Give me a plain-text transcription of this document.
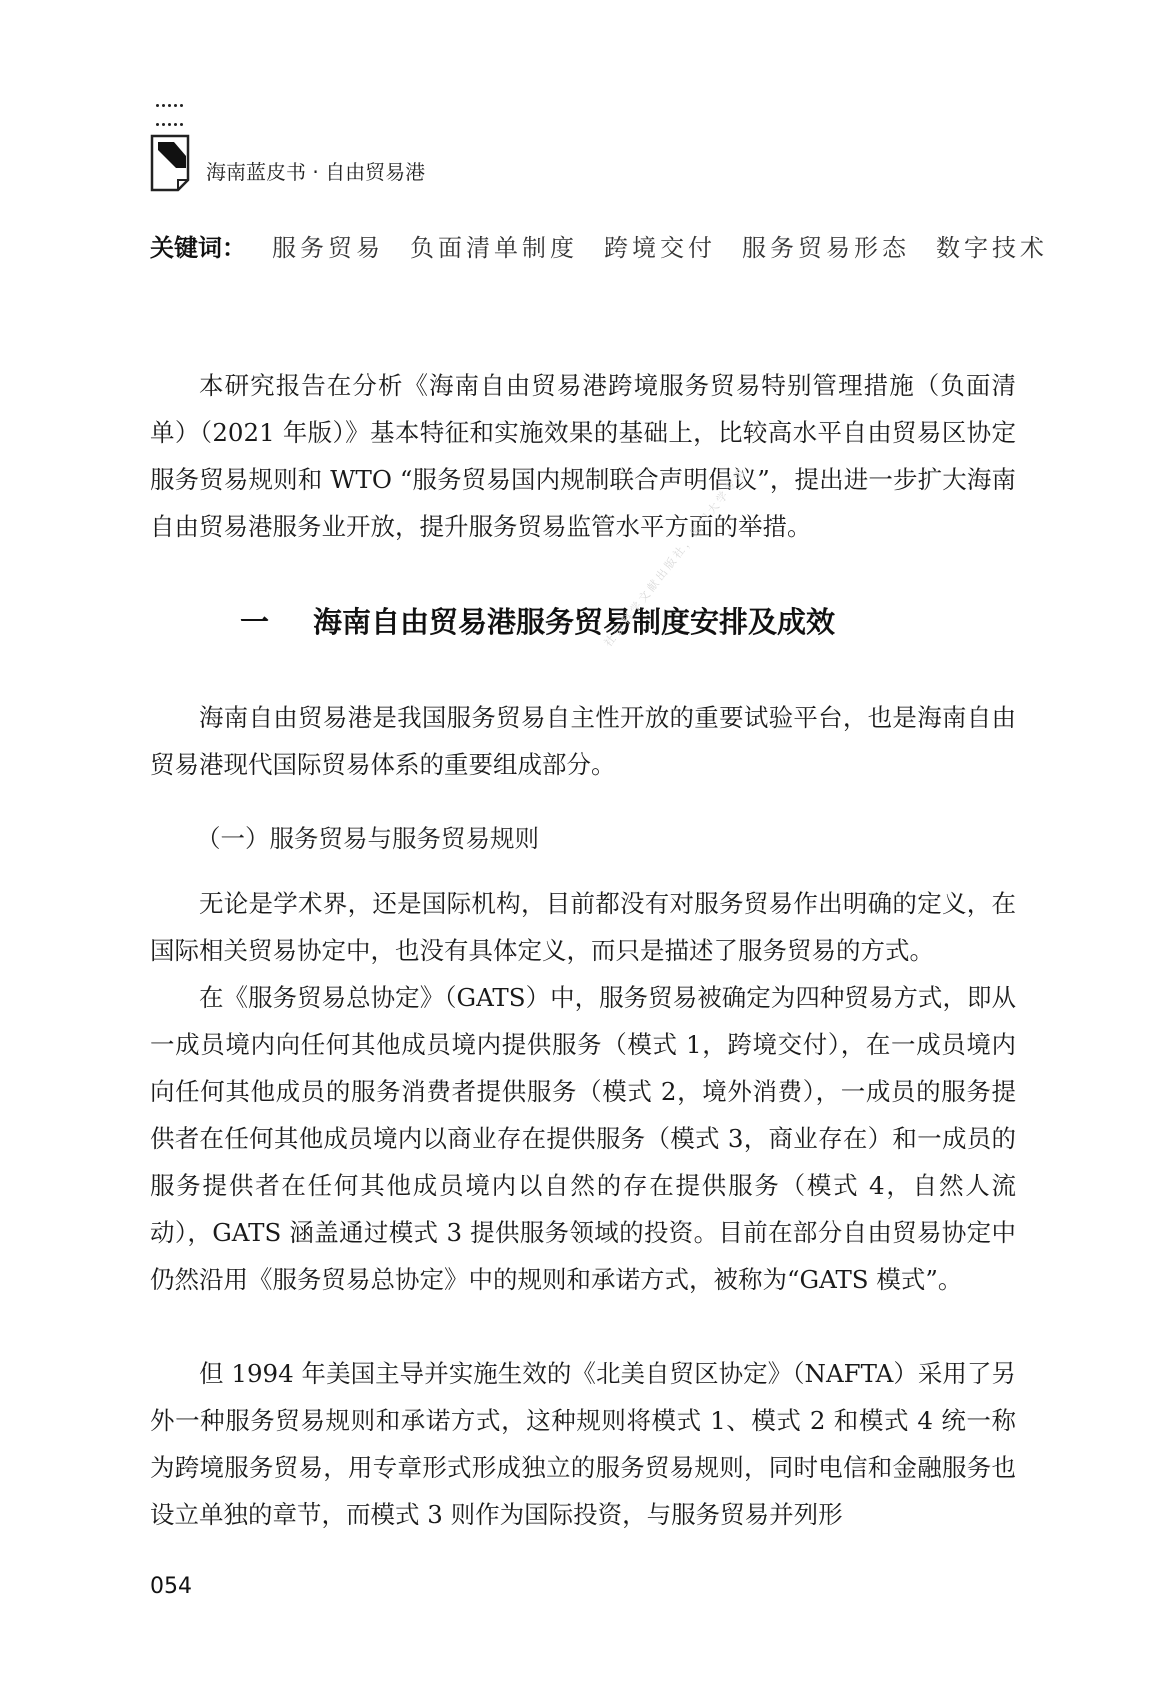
海南蓝皮书 · 自由贸易港
关键词： 服务贸易 负面清单制度 跨境交付 服务贸易形态 数字技术

本研究报告在分析《海南自由贸易港跨境服务贸易特别管理措施（负面清单）（2021 年版）》基本特征和实施效果的基础上，比较高水平自由贸易区协定服务贸易规则和 WTO “服务贸易国内规制联合声明倡议”，提出进一步扩大海南自由贸易港服务业开放，提升服务贸易监管水平方面的举措。

一 海南自由贸易港服务贸易制度安排及成效
社会科学文献出版社，厦门大学专用

海南自由贸易港是我国服务贸易自主性开放的重要试验平台，也是海南自由贸易港现代国际贸易体系的重要组成部分。

（一）服务贸易与服务贸易规则

无论是学术界，还是国际机构，目前都没有对服务贸易作出明确的定义，在国际相关贸易协定中，也没有具体定义，而只是描述了服务贸易的方式。

在《服务贸易总协定》（GATS）中，服务贸易被确定为四种贸易方式，即从一成员境内向任何其他成员境内提供服务（模式 1，跨境交付），在一成员境内向任何其他成员的服务消费者提供服务（模式 2，境外消费），一成员的服务提供者在任何其他成员境内以商业存在提供服务（模式 3，商业存在）和一成员的服务提供者在任何其他成员境内以自然的存在提供服务（模式 4，自然人流动），GATS 涵盖通过模式 3 提供服务领域的投资。目前在部分自由贸易协定中仍然沿用《服务贸易总协定》中的规则和承诺方式，被称为“GATS 模式”。

但 1994 年美国主导并实施生效的《北美自贸区协定》（NAFTA）采用了另外一种服务贸易规则和承诺方式，这种规则将模式 1、模式 2 和模式 4 统一称为跨境服务贸易，用专章形式形成独立的服务贸易规则，同时电信和金融服务也设立单独的章节，而模式 3 则作为国际投资，与服务贸易并列形

054
